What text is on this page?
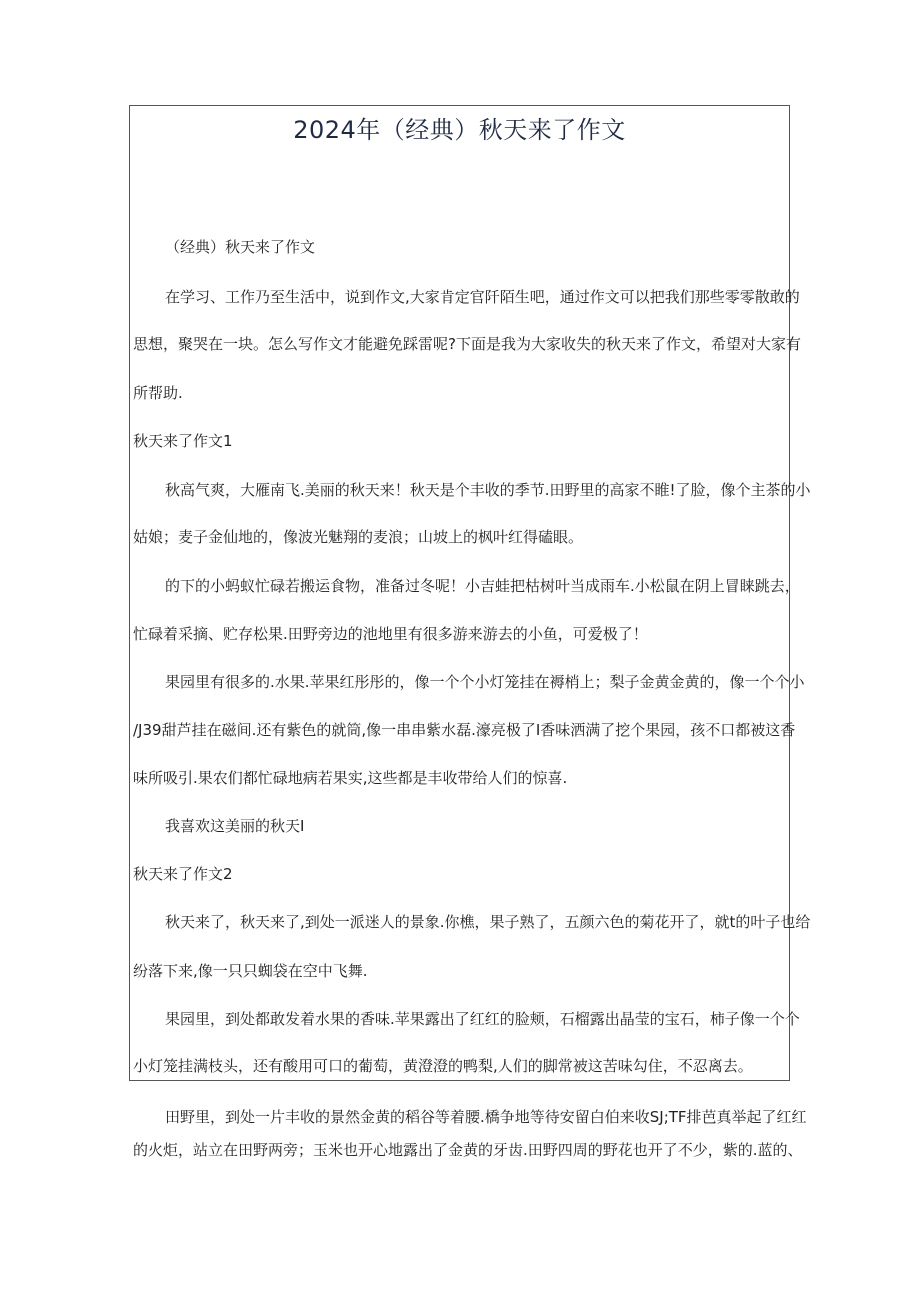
2024年（经典）秋天来了作文
（经典）秋天来了作文
在学习、工作乃至生活中，说到作文,大家肯定官阡陌生吧，通过作文可以把我们那些零零散敢的
思想，聚哭在一块。怎么写作文才能避免踩雷呢?下面是我为大家收失的秋天来了作文，希望对大家有
所帮助.
秋天来了作文1
秋高气爽，大雁南飞.美丽的秋天来！秋天是个丰收的季节.田野里的高家不睢!了脸，像个主茶的小
姑娘；麦子金仙地的，像波光魅翔的麦浪；山坡上的枫叶红得磕眼。
的下的小蚂蚁忙碌若搬运食物，准备过冬呢！小吉蛙把枯树叶当成雨车.小松鼠在阴上冒睐跳去，
忙碌着采摘、贮存松果.田野旁边的池地里有很多游来游去的小鱼，可爱极了！
果园里有很多的.水果.苹果红彤彤的，像一个个小灯笼挂在褥梢上；梨子金黄金黄的，像一个个小
/J39甜芦挂在磁间.还有紫色的就筒,像一串串紫水磊.濠亮极了I香味洒满了挖个果园，孩不口都被这香
味所吸引.果农们都忙碌地病若果实,这些都是丰收带给人们的惊喜.
我喜欢这美丽的秋天I
秋天来了作文2
秋天来了，秋天来了,到处一派迷人的景象.你樵，果子熟了，五颜六色的菊花开了，就t的叶子也给
纷落下来,像一只只蜘袋在空中飞舞.
果园里，到处都敢发着水果的香味.苹果露出了红红的脸颊，石榴露出晶莹的宝石，柿子像一个个
小灯笼挂满枝头，还有酸用可口的葡萄，黄澄澄的鸭梨,人们的脚常被这苦味勾住，不忍离去。
田野里，到处一片丰收的景然金黄的稻谷等着腰.橋争地等待安留白伯来收SJ;TF排芭真举起了红红
的火炬，站立在田野两旁；玉米也开心地露出了金黄的牙齿.田野四周的野花也开了不少，紫的.蓝的、
